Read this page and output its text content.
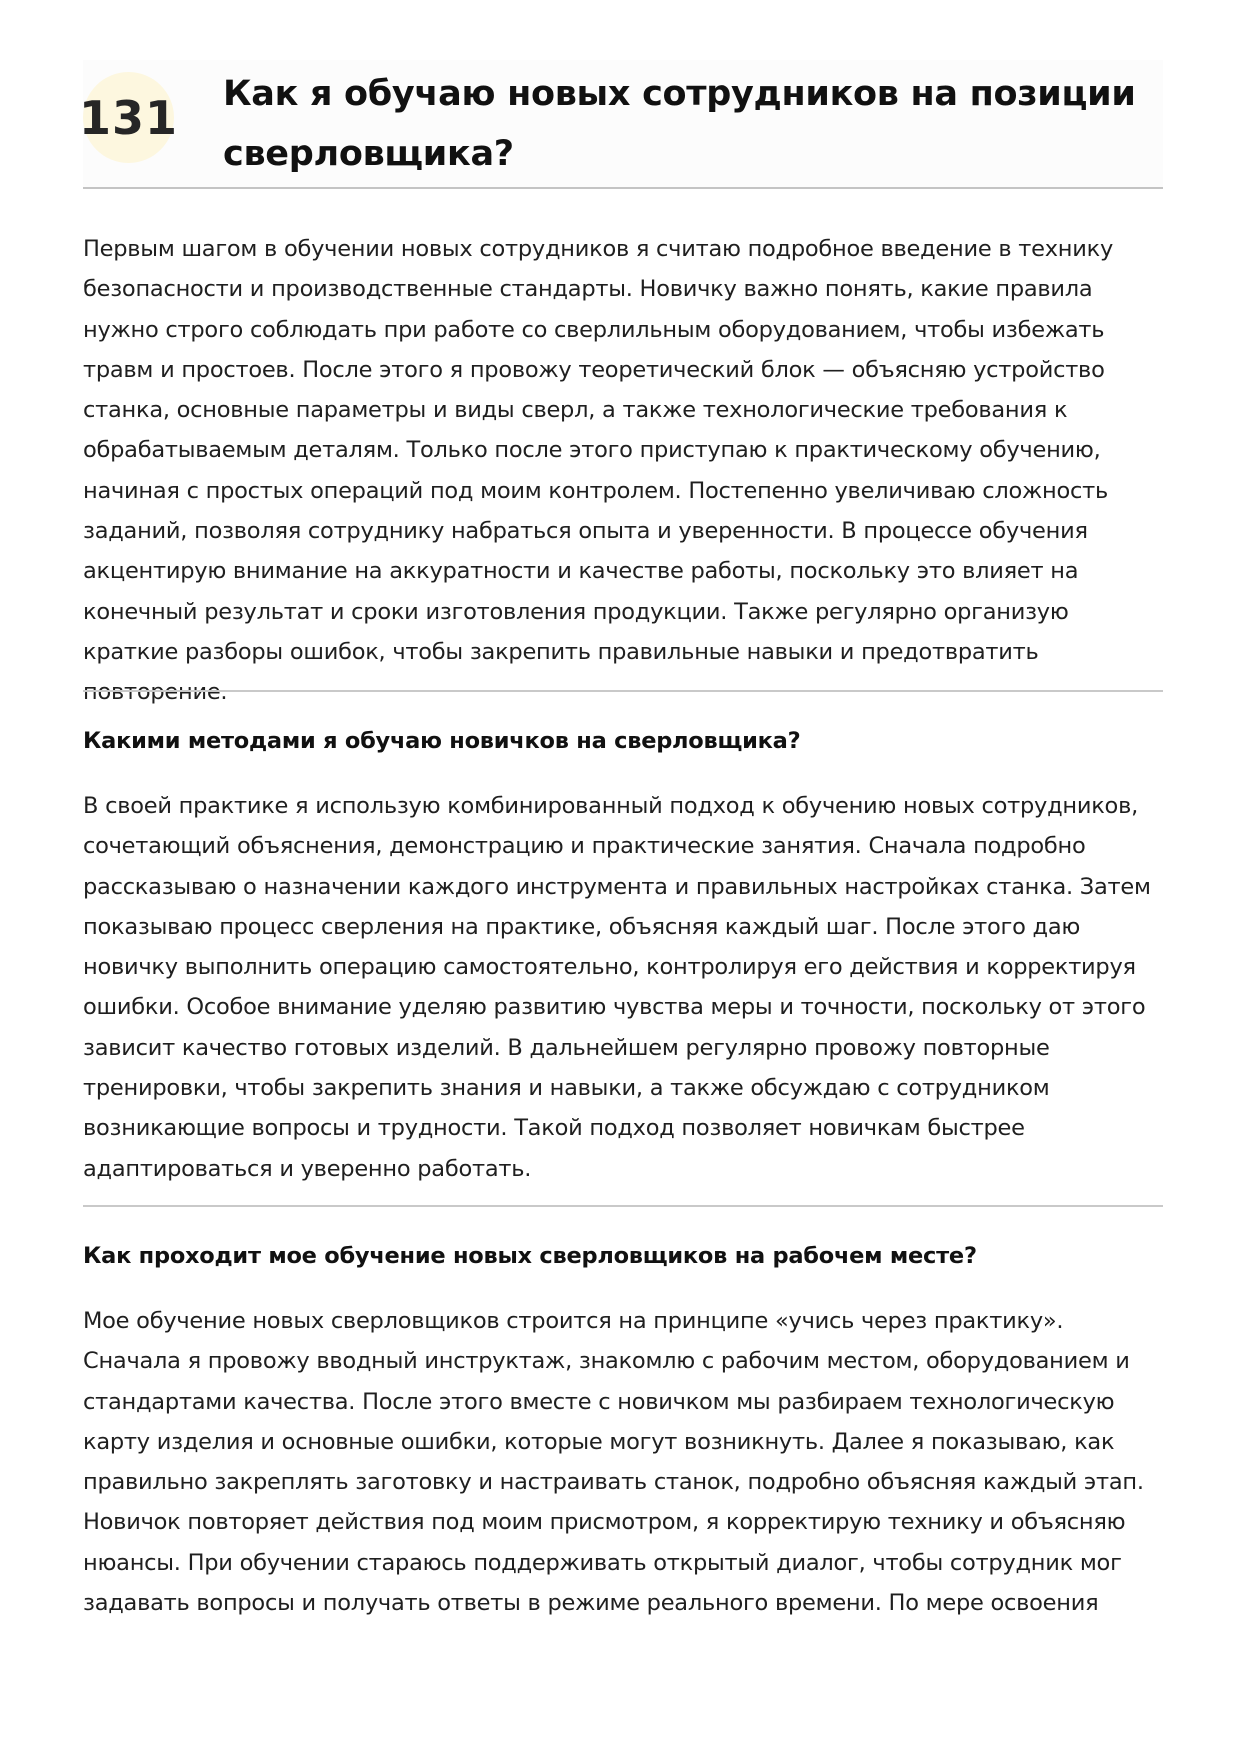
131 Как я обучаю новых сотрудников на позиции сверловщика?

Первым шагом в обучении новых сотрудников я считаю подробное введение в технику безопасности и производственные стандарты. Новичку важно понять, какие правила нужно строго соблюдать при работе со сверлильным оборудованием, чтобы избежать травм и простоев. После этого я провожу теоретический блок — объясняю устройство станка, основные параметры и виды сверл, а также технологические требования к обрабатываемым деталям. Только после этого приступаю к практическому обучению, начиная с простых операций под моим контролем. Постепенно увеличиваю сложность заданий, позволяя сотруднику набраться опыта и уверенности. В процессе обучения акцентирую внимание на аккуратности и качестве работы, поскольку это влияет на конечный результат и сроки изготовления продукции. Также регулярно организую краткие разборы ошибок, чтобы закрепить правильные навыки и предотвратить повторение.

Какими методами я обучаю новичков на сверловщика?

В своей практике я использую комбинированный подход к обучению новых сотрудников, сочетающий объяснения, демонстрацию и практические занятия. Сначала подробно рассказываю о назначении каждого инструмента и правильных настройках станка. Затем показываю процесс сверления на практике, объясняя каждый шаг. После этого даю новичку выполнить операцию самостоятельно, контролируя его действия и корректируя ошибки. Особое внимание уделяю развитию чувства меры и точности, поскольку от этого зависит качество готовых изделий. В дальнейшем регулярно провожу повторные тренировки, чтобы закрепить знания и навыки, а также обсуждаю с сотрудником возникающие вопросы и трудности. Такой подход позволяет новичкам быстрее адаптироваться и уверенно работать.

Как проходит мое обучение новых сверловщиков на рабочем месте?

Мое обучение новых сверловщиков строится на принципе «учись через практику». Сначала я провожу вводный инструктаж, знакомлю с рабочим местом, оборудованием и стандартами качества. После этого вместе с новичком мы разбираем технологическую карту изделия и основные ошибки, которые могут возникнуть. Далее я показываю, как правильно закреплять заготовку и настраивать станок, подробно объясняя каждый этап. Новичок повторяет действия под моим присмотром, я корректирую технику и объясняю нюансы. При обучении стараюсь поддерживать открытый диалог, чтобы сотрудник мог задавать вопросы и получать ответы в режиме реального времени. По мере освоения
